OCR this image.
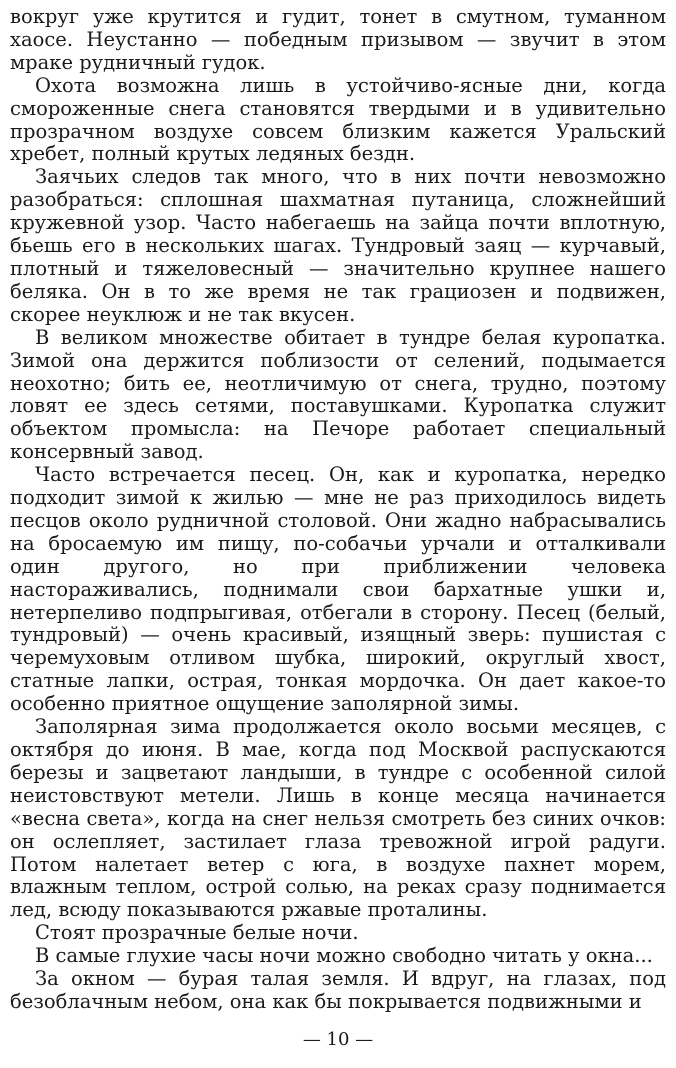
вокруг уже крутится и гудит, тонет в смутном, туманном хаосе. Неустанно — победным призывом — звучит в этом мраке рудничный гудок.

Охота возможна лишь в устойчиво-ясные дни, когда смороженные снега становятся твердыми и в удивительно прозрачном воздухе совсем близким кажется Уральский хребет, полный крутых ледяных бездн.

Заячьих следов так много, что в них почти невозможно разобраться: сплошная шахматная путаница, сложнейший кружевной узор. Часто набегаешь на зайца почти вплотную, бьешь его в нескольких шагах. Тундровый заяц — курчавый, плотный и тяжеловесный — значительно крупнее нашего беляка. Он в то же время не так грациозен и подвижен, скорее неуклюж и не так вкусен.

В великом множестве обитает в тундре белая куропатка. Зимой она держится поблизости от селений, подымается неохотно; бить ее, неотличимую от снега, трудно, поэтому ловят ее здесь сетями, поставушками. Куропатка служит объектом промысла: на Печоре работает специальный консервный завод.

Часто встречается песец. Он, как и куропатка, нередко подходит зимой к жилью — мне не раз приходилось видеть песцов около рудничной столовой. Они жадно набрасывались на бросаемую им пищу, по-собачьи урчали и отталкивали один другого, но при приближении человека настораживались, поднимали свои бархатные ушки и, нетерпеливо подпрыгивая, отбегали в сторону. Песец (белый, тундровый) — очень красивый, изящный зверь: пушистая с черемуховым отливом шубка, широкий, округлый хвост, статные лапки, острая, тонкая мордочка. Он дает какое-то особенно приятное ощущение заполярной зимы.

Заполярная зима продолжается около восьми месяцев, с октября до июня. В мае, когда под Москвой распускаются березы и зацветают ландыши, в тундре с особенной силой неистовствуют метели. Лишь в конце месяца начинается «весна света», когда на снег нельзя смотреть без синих очков: он ослепляет, застилает глаза тревожной игрой радуги. Потом налетает ветер с юга, в воздухе пахнет морем, влажным теплом, острой солью, на реках сразу поднимается лед, всюду показываются ржавые проталины.

Стоят прозрачные белые ночи.

В самые глухие часы ночи можно свободно читать у окна...

За окном — бурая талая земля. И вдруг, на глазах, под безоблачным небом, она как бы покрывается подвижными и

— 10 —
